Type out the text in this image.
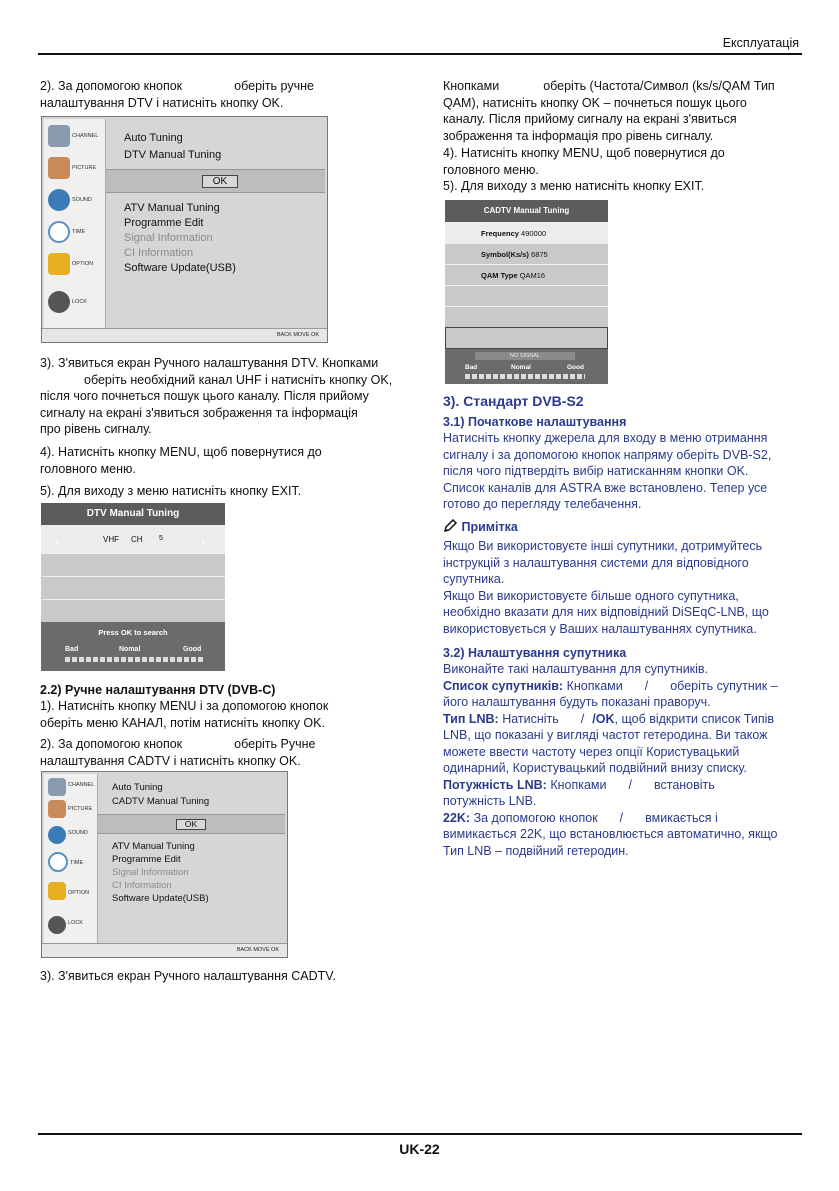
Експлуатація
2). За допомогою кнопок	оберіть ручне
налаштування DTV і натисніть кнопку OK.
CHANNEL
PICTURE
SOUND
TIME
OPTION
LOCK
Auto Tuning
DTV Manual Tuning
OK
ATV Manual Tuning
Programme Edit
Signal Information
CI Information
Software Update(USB)
BACK MOVE OK
3). З'явиться екран Ручного налаштування DTV. Кнопками
оберіть необхідний канал UHF і натисніть кнопку OK,
після чого почнеться пошук цього каналу. Після прийому
сигналу на екрані з'явиться зображення та інформація
про рівень сигналу.
4). Натисніть кнопку MENU, щоб повернутися до
головного меню.
5). Для виходу з меню натисніть кнопку EXIT.
DTV Manual Tuning
‹	VHF CH 5	›
Press OK to search
Bad	Nomal	Good
2.2) Ручне налаштування DTV (DVB-C)
1). Натисніть кнопку MENU і за допомогою кнопок
оберіть меню КАНАЛ, потім натисніть кнопку OK.
2). За допомогою кнопок	оберіть Ручне
налаштування CADTV і натисніть кнопку OK.
CHANNEL
PICTURE
SOUND
TIME
OPTION
LOCK
Auto Tuning
CADTV Manual Tuning
OK
ATV Manual Tuning
Programme Edit
Signal Information
CI Information
Software Update(USB)
BACK MOVE OK
3). З'явиться екран Ручного налаштування CADTV.
Кнопками	оберіть (Частота/Символ (ks/s/QAM Тип
QAM), натисніть кнопку OK – почнеться пошук цього
каналу. Після прийому сигналу на екрані з'явиться
зображення та інформація про рівень сигналу.
4). Натисніть кнопку MENU, щоб повернутися до
головного меню.
5). Для виходу з меню натисніть кнопку EXIT.
CADTV Manual Tuning
Frequency 490000
Symbol(Ks/s) 6875
QAM Type QAM16
NO SIGNAL
Bad	Nomal	Good
3). Стандарт DVB-S2
3.1) Початкове налаштування
Натисніть кнопку джерела для входу в меню отримання
сигналу і за допомогою кнопок напряму оберіть DVB-S2,
після чого підтвердіть вибір натисканням кнопки OK.
Список каналів для ASTRA вже встановлено. Тепер усе
готово до перегляду телебачення.
Примітка
Якщо Ви використовуєте інші супутники, дотримуйтесь
інструкцій з налаштування системи для відповідного
супутника.
Якщо Ви використовуєте більше одного супутника,
необхідно вказати для них відповідний DiSEqC-LNB, що
використовується у Ваших налаштуваннях супутника.
3.2) Налаштування супутника
Виконайте такі налаштування для супутників.
Список супутників: Кнопками / оберіть супутник –
його налаштування будуть показані праворуч.
Тип LNB: Натисніть / /OK, щоб відкрити список Типів
LNB, що показані у вигляді частот гетеродина. Ви також
можете ввести частоту через опції Користувацький
одинарний, Користувацький подвійний внизу списку.
Потужність LNB: Кнопками / встановіть
потужність LNB.
22K: За допомогою кнопок / вмикається і
вимикається 22K, що встановлюється автоматично, якщо
Тип LNB – подвійний гетеродин.
UK-22
